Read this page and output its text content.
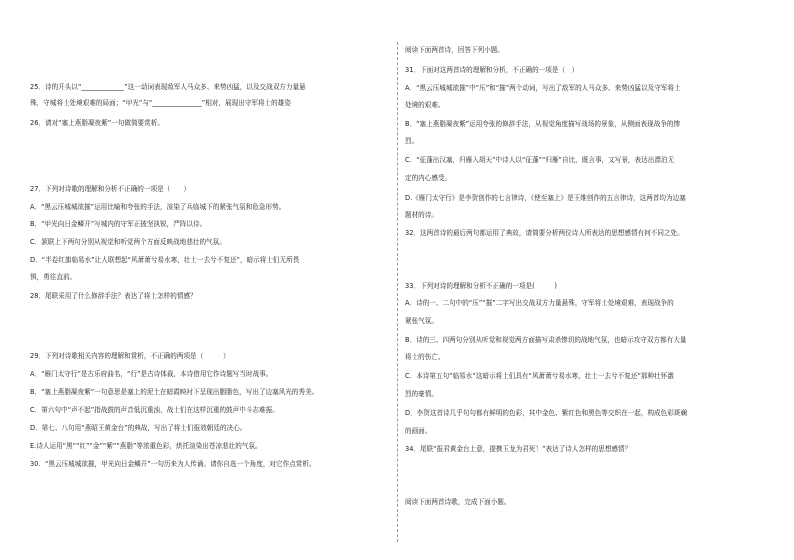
25．诗的开头以“_____________”这一动词表现敌军人马众多、来势凶猛，以及交战双方力量悬
殊，守城将士处境艰难的局面；“甲光”与“_______________”相对，展现出守军将士的雄姿
26．请对“塞上燕脂凝夜紫”一句做简要赏析。
27．下列对诗歌的理解和分析不正确的一项是（　　）
A．“黑云压城城欲摧”运用比喻和夸张的手法，渲染了兵临城下的紧张气氛和危急形势。
B．“甲光向日金鳞开”写城内的守军正披坚执锐，严阵以待。
C．颔联上下两句分别从视觉和听觉两个方面反映战地悲壮的气氛。
D．“半卷红旗临易水”让人联想起“风萧萧兮易水寒，壮士一去兮不复还”，暗示将士们无所畏
惧，勇往直前。
28．尾联采用了什么修辞手法？表达了将士怎样的情感？
29．下列对诗歌相关内容的理解和赏析，不正确的两项是（　　　）
A．“雁门太守行”是古乐府曲名，“行”是古诗体裁，本诗借用它作诗题写当时战事。
B．“塞上燕脂凝夜紫”一句意思是塞上的泥土在暗霞映衬下呈现出胭脂色，写出了边塞风光的秀美。
C．第六句中“声不起”指战鼓的声音低沉重浊，战士们在这样沉重的鼓声中斗志难振。
D．第七、八句用“燕昭王黄金台”的典故，写出了将士们报效朝廷的决心。
E.诗人运用“黑”“红”“金”“紫”“燕脂”等浓重色彩，烘托渲染出苍凉悲壮的气氛。
30．“黑云压城城欲摧，甲光向日金鳞开”一句历来为人传诵。请你自选一个角度，对它作点赏析。
阅读下面两首诗，回答下列小题。
31．下面对这两首诗的理解和分析，不正确的一项是（　）
A．“黑云压城城欲摧”中“压”和“摧”两个动词，写出了敌军的人马众多、来势凶猛以及守军将士
处境的艰难。
B．“塞上燕脂凝夜紫”运用夸张的修辞手法，从视觉角度描写战场的景象，从侧面表现战争的惨
烈。
C．“征蓬出汉塞，归雁入胡天”中诗人以“征蓬”“归雁”自比，既言事，又写景，表达出漂泊无
定的内心感受。
D.《雁门太守行》是李贺创作的七言律诗，《使至塞上》是王维创作的五言律诗，这两首均为边塞
题材的诗。
32．这两首诗的最后两句都运用了典故，请简要分析两位诗人所表达的思想感情有何不同之处。
33．下列对诗的理解和分析不正确的一项是(　　　)
A．诗的一、二句中的“压”“摧”二字写出交战双方力量悬殊，守军将士处境艰难，表现战争的
紧张气氛。
B．诗的三、四两句分别从听觉和视觉两方面描写肃杀惨切的战地气氛，也暗示攻守双方都有大量
将士的伤亡。
C．本诗第五句“临易水”这暗示将士们具有“风萧萧兮易水寒，壮士一去兮不复还”那种壮怀激
烈的豪情。
D．李贺这首诗几乎句句都有鲜明的色彩，其中金色、紫红色和黑色等交织在一起，构成色彩斑斓
的画面。
34．尾联“报君黄金台上意，提携玉龙为君死！”表达了诗人怎样的思想感情？
阅读下面两首诗歌，完成下面小题。
